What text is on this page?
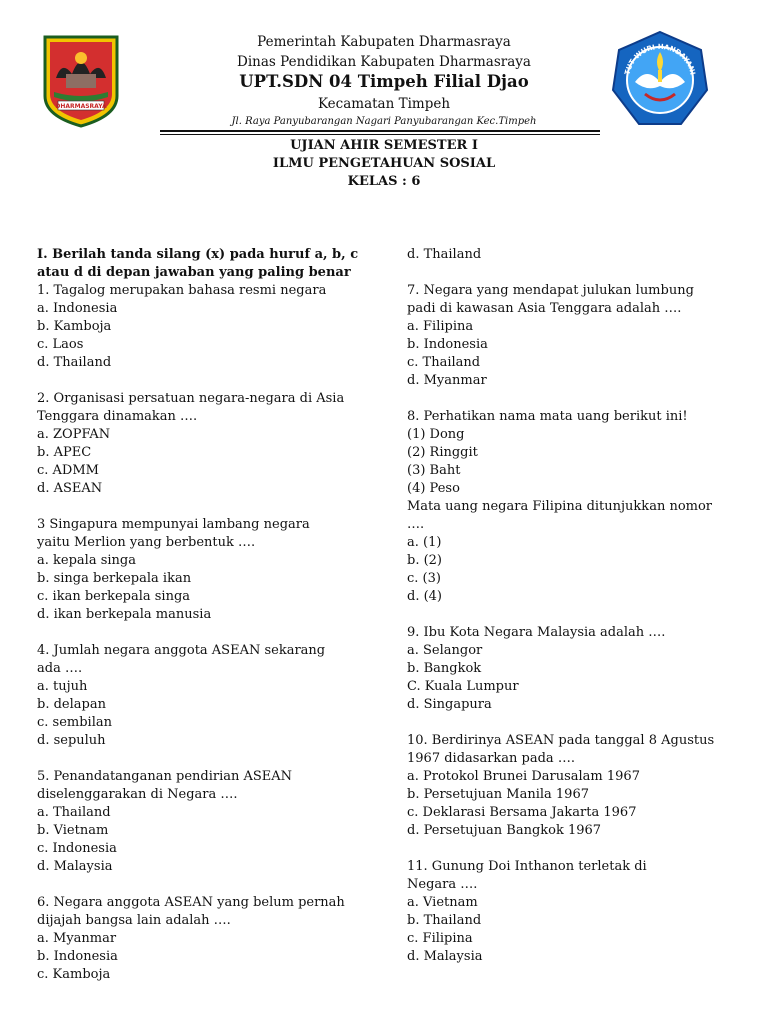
DHARMASRAYA
TUT WURI HANDAYANI
Pemerintah Kabupaten Dharmasraya
Dinas Pendidikan Kabupaten Dharmasraya
UPT.SDN 04 Timpeh Filial Djao
Kecamatan Timpeh
Jl. Raya Panyubarangan Nagari Panyubarangan Kec.Timpeh
UJIAN AHIR SEMESTER I
ILMU PENGETAHUAN SOSIAL
KELAS : 6
I. Berilah tanda silang (x) pada huruf a, b, c
atau d di depan jawaban yang paling benar
1. Tagalog merupakan bahasa resmi negara
a. Indonesia
b. Kamboja
c. Laos
d. Thailand
2. Organisasi persatuan negara-negara di Asia
Tenggara dinamakan ….
a. ZOPFAN
b. APEC
c. ADMM
d. ASEAN
3 Singapura mempunyai lambang negara
yaitu Merlion yang berbentuk ….
a. kepala singa
b. singa berkepala ikan
c. ikan berkepala singa
d. ikan berkepala manusia
4. Jumlah negara anggota ASEAN sekarang
ada ….
a. tujuh
b. delapan
c. sembilan
d. sepuluh
5. Penandatanganan pendirian ASEAN
diselenggarakan di Negara ….
a. Thailand
b. Vietnam
c. Indonesia
d. Malaysia
6. Negara anggota ASEAN yang belum pernah
dijajah bangsa lain adalah ….
a. Myanmar
b. Indonesia
c. Kamboja
d. Thailand
7. Negara yang mendapat julukan lumbung
padi di kawasan Asia Tenggara adalah ….
a. Filipina
b. Indonesia
c. Thailand
d. Myanmar
8. Perhatikan nama mata uang berikut ini!
(1) Dong
(2) Ringgit
(3) Baht
(4) Peso
Mata uang negara Filipina ditunjukkan nomor
….
a. (1)
b. (2)
c. (3)
d. (4)
9. Ibu Kota Negara Malaysia adalah ….
a. Selangor
b. Bangkok
C. Kuala Lumpur
d. Singapura
10. Berdirinya ASEAN pada tanggal 8 Agustus
1967 didasarkan pada ….
a. Protokol Brunei Darusalam 1967
b. Persetujuan Manila 1967
c. Deklarasi Bersama Jakarta 1967
d. Persetujuan Bangkok 1967
11. Gunung Doi Inthanon terletak di
Negara ….
a. Vietnam
b. Thailand
c. Filipina
d. Malaysia
